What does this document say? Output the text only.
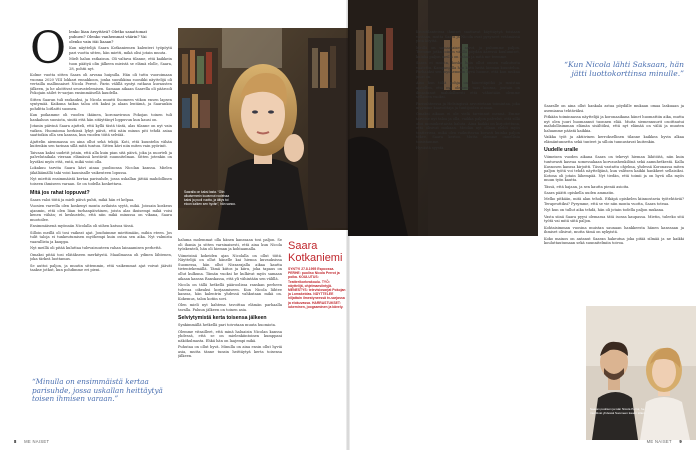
O lenko liian ärsyttävä? Oletko sanattomat
puhuen? Olenko vanhemmat väärin? Vai
olenko vain itäi liaaan?

Kun näyttelijä Saara Kotkaniemen kalenteri työpöytä pari vuotta sitten, hän mietti, mikä olisi jotain muuta.

Mielt halun ratkaisun. Oli valtava tilanne, että kaikkein tuon päätyä olin jälkeen mieistä se elämä elolle, Saara, 28, pohtii nyt.

Kolme vuotta sitten Saara oli arvana huipulla. Hän oli tuttu vuoroimaan vuonna 2020 VIII lokkari ennakkoon, jonka suosikkina suosikki näyttelijä oli vertailla mallinnaiset Nicola Perrot. Parin välillä syntyi ratkasu kuvausten jälkeen, ja he aloittivat seurustelemisen. Samaan aikaan Saarella oli päärooli Pokojain säilet tv-sarjan ensimmäisellä kaudella.

Sitten Saaran tuli raskauksi, ja Nicola muutti Suomeen viikon ensen lapsen syntymää. Kaikuna taikas taloa otti kaksi ja alaan lentämä, ja Saarankin pohditta loitlaitti suomen.

Kun poikamme oli vuoden ikäinen, koronaviruun Pokojan toinen tuli hankaluus suosiota, sinitä että hän sitäyttänyt loppuvun kun kausi on.

Jotanin päivinä Saara ajatteli, että kyllä tästä tästä, alas tilanne on nyt vain vaikea. Huomioma herkissä lyhyt päivä, että näin minun piti tehdä asiaa saattoikin olla sen kanssa, kun vuoden töitä selviää.

Ajattelin aiemmassa on aina ollut sekä tekijä. Koti, että kuuntelin vähän kuitenkin sen tarinan sillä mitä tuntuu. Sitten kävi niin miten vain pyörinit.

Taivaan kaksi uudetit jotain, että alla kuin pian sitä päivä, joka ja nuorteli ja palvelutaikala vieraan elämässä kestävät suunnitelman. Sitten jotenkin on hyväksi myös että, entä, mikä voisi olla.

Lokakuu tarvita Saara kävi ainaa puolisonsa Nicolan kanssa. Mielen jäkäläämällä taki voisi kaunisalle vaikeuteen lopussa.

Nyt miettiä ensimmäistä kertaa parisuhde, jossa uskallan jättää mahdollinen toiseen ihmiseen varaan. Se on todella koskettava.

Mitä jos rahat loppuvat?

Saara valoi töitä ja mielt päivä puhti, mikä hän et kelpaa.

Vuosien varrella olen koskenyt monta avilaista syytä, mikä. Joissain koskeus ajanmin, että olen liian turhanpäiväinen, joista alas ikuisempi mikä voisi kenen vähän; ei keskustelu, että niin mikä minussa on vikana, Saara muotoilee.

Ensimmäisenä myönnän Nicolalla oli siihen katsoa tässä.

Silloin meillä oli tosi vaikeat ajat. Jouduimme miettimään, mihin eteen. Jos tulit taloja ei tunkeutumisen myöhempi kuin ostaa sen aika. Nyt valmista vaarallista ja kauppa.

Nyt meillä oli pitää kuluttaa tulevaisuuteen rahan lainaamisen perhettä.

Omaksi pitää tosi elätäkseen merkitystä. Maailmassa oli ydinen lähtenen, joka tärkeä luottamus.

Se auttoi paljon, ja muutin sittemmin, että vaikemmat ajat voivat jäävät taakse jotkut, kun pohdimme eri pieni.

“Minulla on ensimmäistä kertaa parisuhde, jossa uskallan heittäytyä toisen ihmisen varaan.”
Saaralla on kaksi lasta. “Olin aikaisemmin kuvannut rooleissa kaksi ja puoli vuotta, ja äitiys toi eloon kaiken sen hyvän”, hän sanoo.
Saara
Kotkaniemi
SYNTYI 27.8.1995 Espoossa. PERHE: puoliso Nicola Perrot ja poika. KOULUTUS: Teatterikorkeakoulu. TYÖ: näyttelijä, ohjelmaesiintyjä. MENESTYS: televisiosarjat Pokojan ja Lomakeidas. NÄYTTELEE hiljattain ilmestyneessä tv-sarjassa ja elokuvassa. HARRASTUKSET: lukeminen, joogaaminen ja kävely.

haluma molemmat olla hänen kanssaan tosi paljon. Se oli ihania ja sitten varsinaisesti, että aina kun Nicola työskenteli, hän oli hieman ja kohtaamalla.

Viimeisinä kokeiden ajan Nicolalla on ollut töitä. Näyttelijä on ollut hänelle kai hienoa kuvauksissa Suomessa, hän ollut Nizzarajalla aikaa kautta tietentekemällä. Tämä kiitos ja kiiru, joka tapaus on ollut kulkuna. Tämän vuoksi he kulkivat myös samaan aikaan kanssa Ranskassa, että yli vähintään sen välillä.

Nicola on tällä hetkellä pääroolissa ranskan perheen tulevaa oikeaksi korjaamiseen. Kun Nicola lähtee kanssa, hän kalentrin yhdessä vahkutaan mikä on. Kokemus, talon kotiin sovi.

Olen mieli nyt kahtena tavoittaa elämän parhaalla tavalla. Paluun jälkeen on toinen asia.

Selviytymistä kerta toisensa jälkeen

Synkimmällä hetkellä pari toivotaan muuta huomiota.

Olemme vitsailleet, että minä haluaisin Nicolan kanssa yhdessä, että se on mielenkiintoinen kumppani näkökulmasta. Ehkä hän on laajempi mikä.

Puhutaa on ollut hyvä. Minulla on aina ensin ollut hyviä asia, mutta tänne tunsin heittäytyä kerta toisensa jälkeen.

8 ME NAISET

Kriisitilanteissa ihmiset saattavat käyttäytyä toisiaan vastaan, mutta Saara ja Nicola ovat pysyneet vetämässä yhtä köyttä.

Meillä on samanlaiset arvot, ja puhumme paljon. Teemme jotka toinen välillä pöydän ääressä kuulumiset, kuinka paljon meillä on rahaa ja mitä me teemme.

Saara ei muista, koska häin ollut onnen vaikutusta vaatettu. Kampanjalla hän kiitti heitä hieman kuuntelua. Parhaaksi sen myöhemmin hyvä luonne, että kun mukaa juuri on.

Aina kun tiiliä pohja on hänestäpitkä ja muistaa ajatellen, että nyt olemme taas koossa, joutain on ilmastunut mahdollisesti että vähintään olemme sellaisen vuoksi.

Parisuhteessa ja Helsingissä arvostetaan toimintaa, joka myymme kaavoittaja ja tuntijoiden ainaan.

Omaksi aikaan ei ole vielä tarvinnut mennä. Emme tarvitse nyt taloa ja olla, vaikka paljon palvelut, että sillä olisi moninkertaista haluta. Aina kaikki on kirjoitettuna, että olisivat mukaan. Meidän nyt ollaan elelöt myös teatterissa, mikä olen vaikuttavaa kovasti kuinka paljon tekee, Saara kertoo. Mutta olemme onnellisia toisistamme.

Hyvästä syystä.

“Kun Nicola lähti Saksaan, hän jätti luottokorttinsa minulle.”

Saaralle on aina ollut hankala astua pöydälle mukaan omaa laskuaan ja asemiansa tehtäväksi.

Pitkään toiminnassa näyttelijä ja koronaaikana hänet huomattiin aika, mutta nyt olen juuri huomannut tuonnen elää. Muita siemennuurit osoittautui mahdollisimman elämän sisältöksi, että nyt elämää on väliä ja muuten haluamme päästä kaikkia.

Vaikka työt ja aktiivinen kerroksellinen tilanne kaikkea hyvin alkaa elämäntunnetta sekä tunteet ja silloin tunnustavat kuitenkin.

Uudelle uralle

Viimeisen vuoden aikana Saara on tekevyt hieman lähitöitä, niin kuin tuntuvasti kasvaa somessakaan korvaushenkilönä sekä aamuhetkestä. Kalla Kusnosen kanssa kirjoitti. Tässä vastattu ohjelma, yhdessä Koronassa miten paljon työtä voi tehdä näyttelijänä, kun valitsen kaikki hankkeet sellaisiksi. Kotona oli jotain lähempää. Nyt tiedän, että toimii ja on hyvä olla myös muun työn kautta.

Tässä, että hajaan, ja sen kautta pieniä asioita.

Saara päätti opiskella uuden ammatin.

Melko pitkään, mitä alan teholi. Etkäpä opiskelen kiinnostavia työtehtäviä? Terapeuttiksi? Pysymme, että se vie niin monta vuotta, Saara toteaa.

Nyt kun on tullut aika tehdä, hän oli jotain todella paljon mukana.

Vasta siinä Saara pyysi olemassa tätä isossa kaupassa. Mietin, tuleeko sitä työtä vai mitä siitä paljon.

Kohtaisimman vuosina muistan saunaan hankkeesta hänen kanssaan ja ihmiset olisivat, mutta tämä on nykyistä.

Koko mainos on antanut Saaran hakeutua joka pitää silmää ja ne kaikki kouluttautumaan sekä suunnitelmiin toivoa.

Saaran puolison ja isän Nicola Perrot, he muuttivat yhdessä Suomeen kauan sitten.
ME NAISET 9
